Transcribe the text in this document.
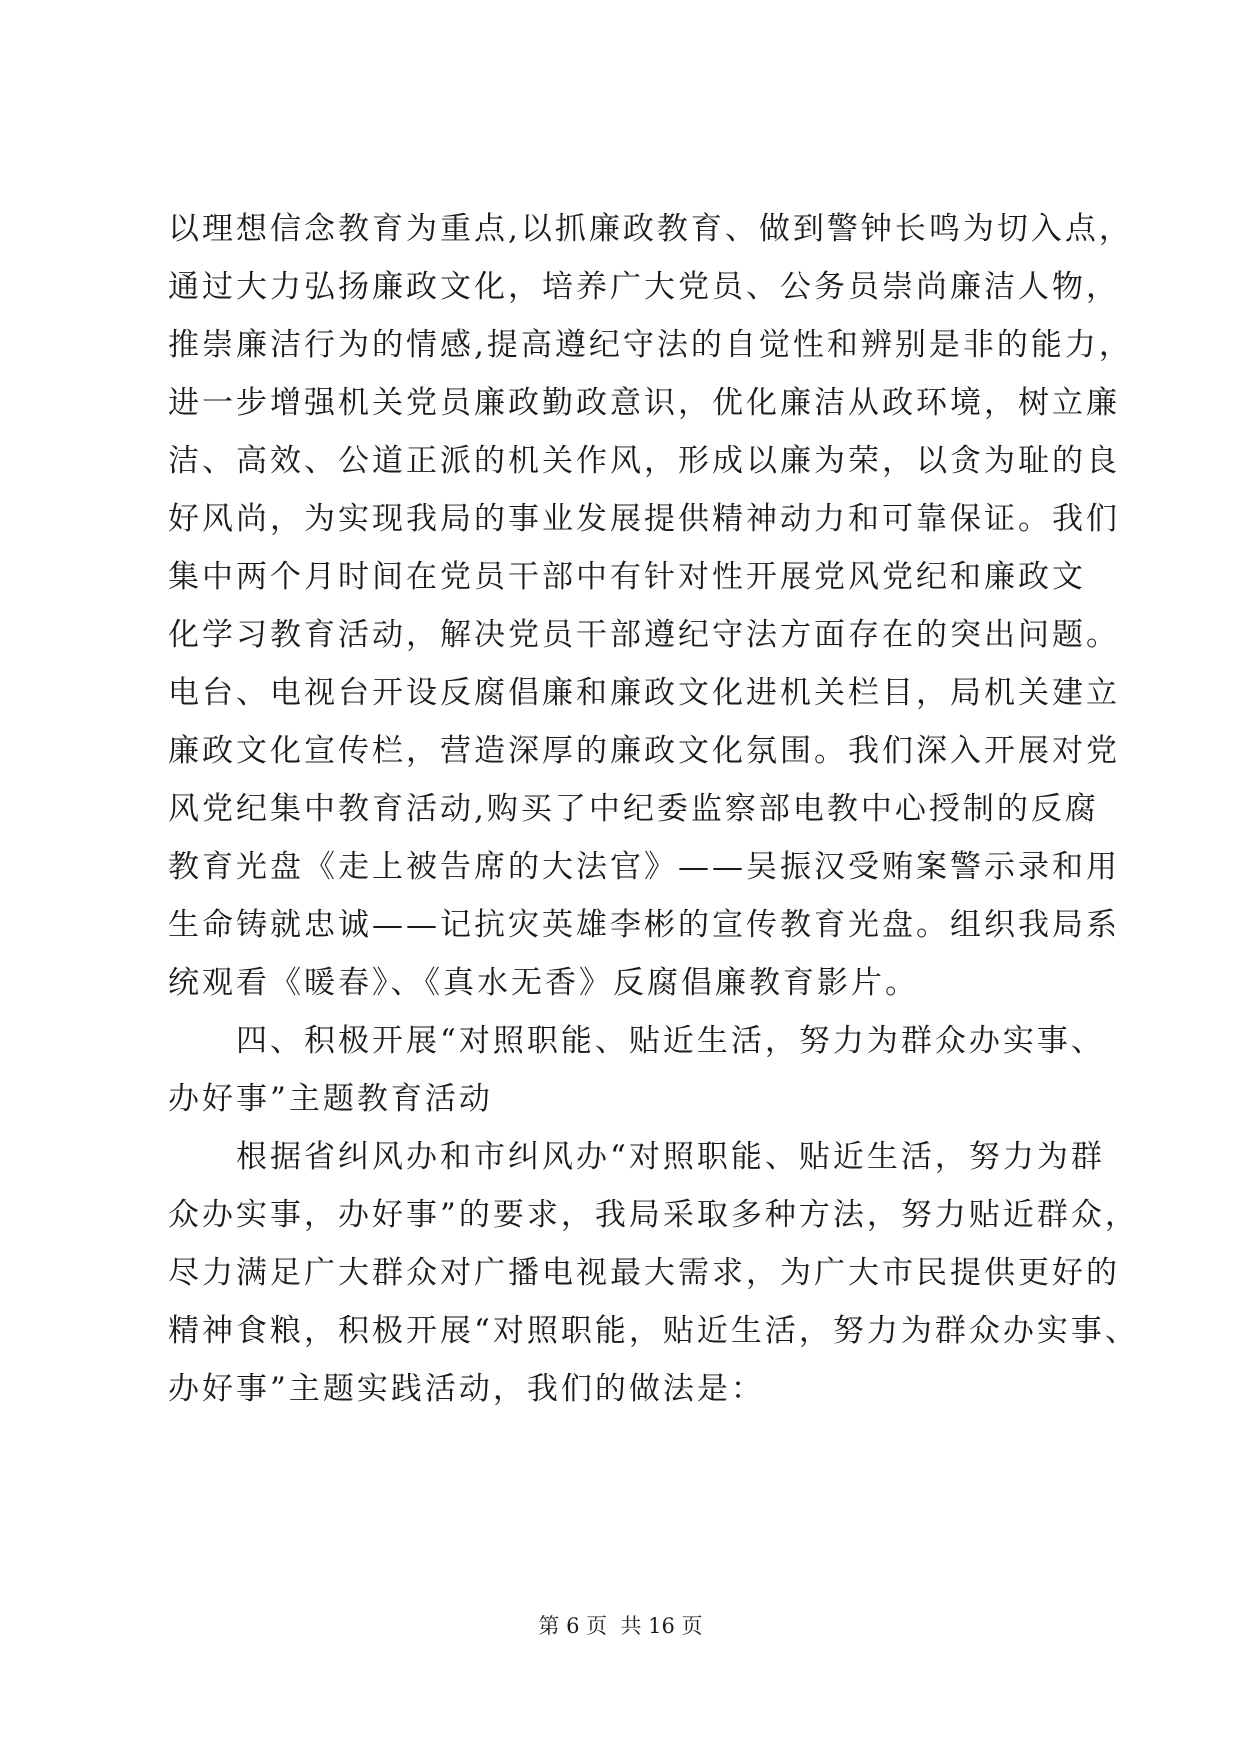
以理想信念教育为重点,以抓廉政教育、做到警钟长鸣为切入点，
通过大力弘扬廉政文化，培养广大党员、公务员崇尚廉洁人物，
推崇廉洁行为的情感,提高遵纪守法的自觉性和辨别是非的能力，
进一步增强机关党员廉政勤政意识，优化廉洁从政环境，树立廉
洁、高效、公道正派的机关作风，形成以廉为荣，以贪为耻的良
好风尚，为实现我局的事业发展提供精神动力和可靠保证。我们
集中两个月时间在党员干部中有针对性开展党风党纪和廉政文
化学习教育活动，解决党员干部遵纪守法方面存在的突出问题。
电台、电视台开设反腐倡廉和廉政文化进机关栏目，局机关建立
廉政文化宣传栏，营造深厚的廉政文化氛围。我们深入开展对党
风党纪集中教育活动,购买了中纪委监察部电教中心授制的反腐
教育光盘《走上被告席的大法官》——吴振汉受贿案警示录和用
生命铸就忠诚——记抗灾英雄李彬的宣传教育光盘。组织我局系
统观看《暖春》、《真水无香》反腐倡廉教育影片。
　　四、积极开展“对照职能、贴近生活，努力为群众办实事、
办好事”主题教育活动
　　根据省纠风办和市纠风办“对照职能、贴近生活，努力为群
众办实事，办好事”的要求，我局采取多种方法，努力贴近群众，
尽力满足广大群众对广播电视最大需求，为广大市民提供更好的
精神食粮，积极开展“对照职能，贴近生活，努力为群众办实事、
办好事”主题实践活动，我们的做法是：
第 6 页  共 16 页
